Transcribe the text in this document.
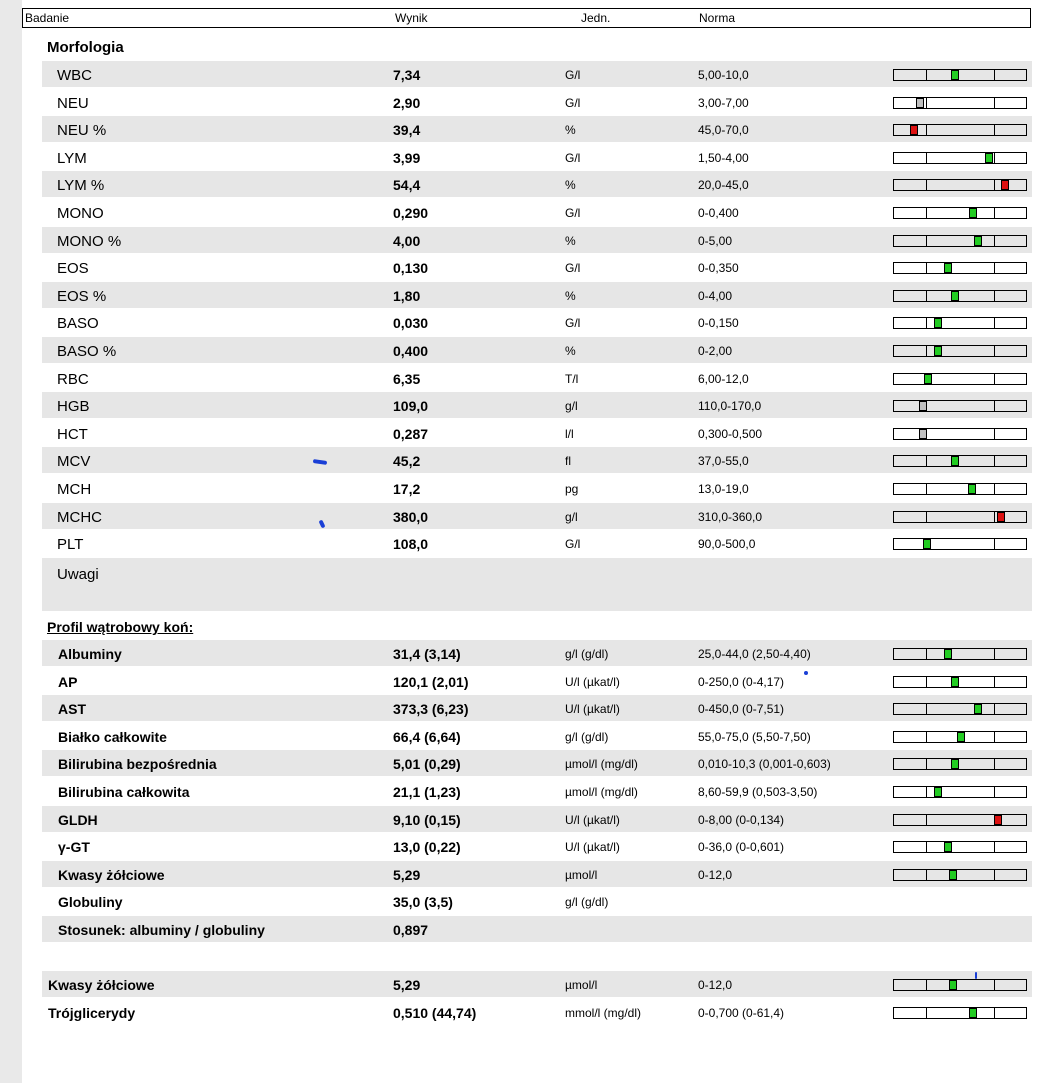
Badanie	Wynik	Jedn.	Norma
Morfologia
WBC	7,34	G/l	5,00-10,0
NEU	2,90	G/l	3,00-7,00
NEU %	39,4	%	45,0-70,0
LYM	3,99	G/l	1,50-4,00
LYM %	54,4	%	20,0-45,0
MONO	0,290	G/l	0-0,400
MONO %	4,00	%	0-5,00
EOS	0,130	G/l	0-0,350
EOS %	1,80	%	0-4,00
BASO	0,030	G/l	0-0,150
BASO %	0,400	%	0-2,00
RBC	6,35	T/l	6,00-12,0
HGB	109,0	g/l	110,0-170,0
HCT	0,287	l/l	0,300-0,500
MCV	45,2	fl	37,0-55,0
MCH	17,2	pg	13,0-19,0
MCHC	380,0	g/l	310,0-360,0
PLT	108,0	G/l	90,0-500,0
Uwagi
Profil wątrobowy koń:
Albuminy	31,4 (3,14)	g/l (g/dl)	25,0-44,0 (2,50-4,40)
AP	120,1 (2,01)	U/l (µkat/l)	0-250,0 (0-4,17)
AST	373,3 (6,23)	U/l (µkat/l)	0-450,0 (0-7,51)
Białko całkowite	66,4 (6,64)	g/l (g/dl)	55,0-75,0 (5,50-7,50)
Bilirubina bezpośrednia	5,01 (0,29)	µmol/l (mg/dl)	0,010-10,3 (0,001-0,603)
Bilirubina całkowita	21,1 (1,23)	µmol/l (mg/dl)	8,60-59,9 (0,503-3,50)
GLDH	9,10 (0,15)	U/l (µkat/l)	0-8,00 (0-0,134)
γ-GT	13,0 (0,22)	U/l (µkat/l)	0-36,0 (0-0,601)
Kwasy żółciowe	5,29	µmol/l	0-12,0
Globuliny	35,0 (3,5)	g/l (g/dl)
Stosunek: albuminy / globuliny	0,897
Kwasy żółciowe	5,29	µmol/l	0-12,0
Trójglicerydy	0,510 (44,74)	mmol/l (mg/dl)	0-0,700 (0-61,4)
